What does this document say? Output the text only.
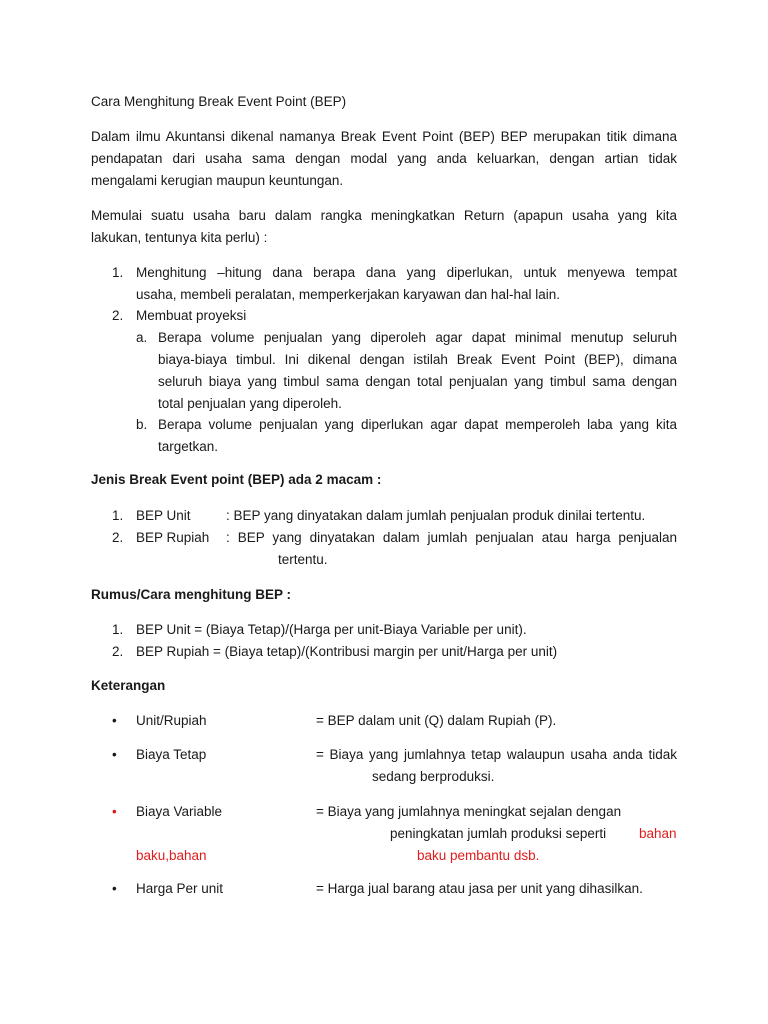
Cara Menghitung Break Event Point (BEP)
Dalam ilmu Akuntansi dikenal namanya Break Event Point (BEP) BEP merupakan titik dimana
pendapatan dari usaha sama dengan modal yang anda keluarkan, dengan artian tidak
mengalami kerugian maupun keuntungan.
Memulai suatu usaha baru dalam rangka meningkatkan Return (apapun usaha yang kita
lakukan, tentunya kita perlu) :
1. Menghitung –hitung dana berapa dana yang diperlukan, untuk menyewa tempat
usaha, membeli peralatan, memperkerjakan karyawan dan hal-hal lain.
2. Membuat proyeksi
a. Berapa volume penjualan yang diperoleh agar dapat minimal menutup seluruh
biaya-biaya timbul. Ini dikenal dengan istilah Break Event Point (BEP), dimana
seluruh biaya yang timbul sama dengan total penjualan yang timbul sama dengan
total penjualan yang diperoleh.
b. Berapa volume penjualan yang diperlukan agar dapat memperoleh laba yang kita
targetkan.
Jenis Break Event point (BEP) ada 2 macam :
1. BEP Unit	: BEP yang dinyatakan dalam jumlah penjualan produk dinilai tertentu.
2. BEP Rupiah : BEP yang dinyatakan dalam jumlah penjualan atau harga penjualan
tertentu.
Rumus/Cara menghitung BEP :
1. BEP Unit = (Biaya Tetap)/(Harga per unit-Biaya Variable per unit).
2. BEP Rupiah = (Biaya tetap)/(Kontribusi margin per unit/Harga per unit)
Keterangan
• Unit/Rupiah	= BEP dalam unit (Q) dalam Rupiah (P).
• Biaya Tetap	= Biaya yang jumlahnya tetap walaupun usaha anda tidak
sedang berproduksi.
• Biaya Variable	= Biaya yang jumlahnya meningkat sejalan dengan
peningkatan jumlah produksi seperti bahan
baku,bahan	baku pembantu dsb.
• Harga Per unit	= Harga jual barang atau jasa per unit yang dihasilkan.
